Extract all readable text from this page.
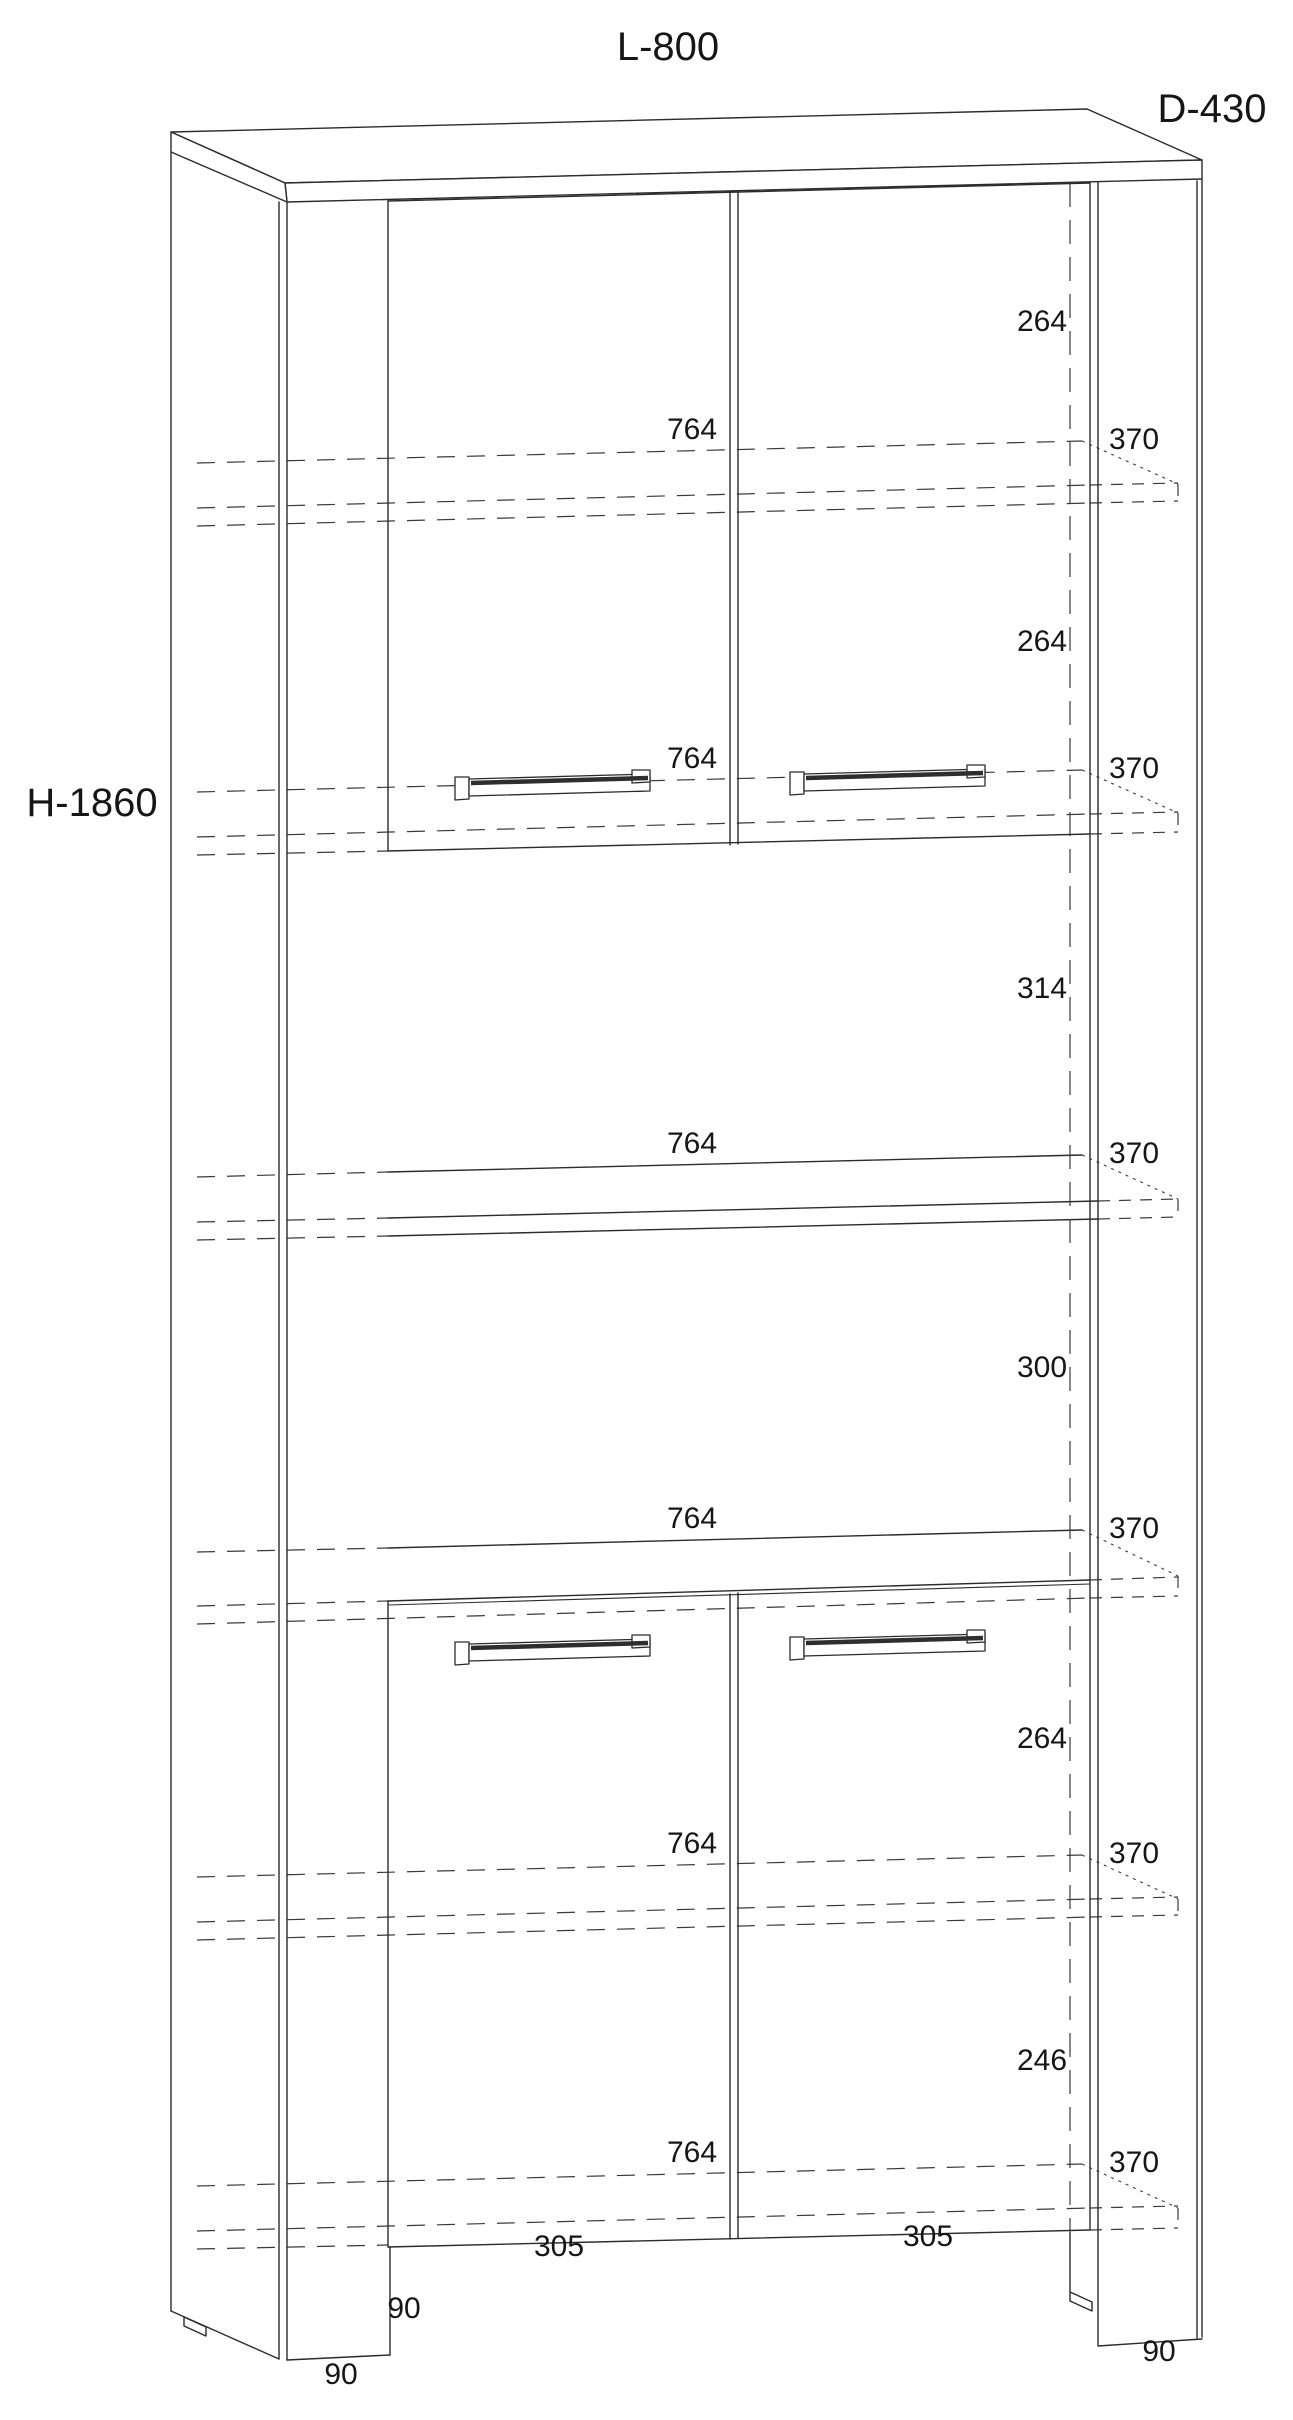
L-800
D-430
H-1860
764
764
764
764
764
764
370
370
370
370
370
370
264
264
314
300
264
246
305	305
90
90
90
